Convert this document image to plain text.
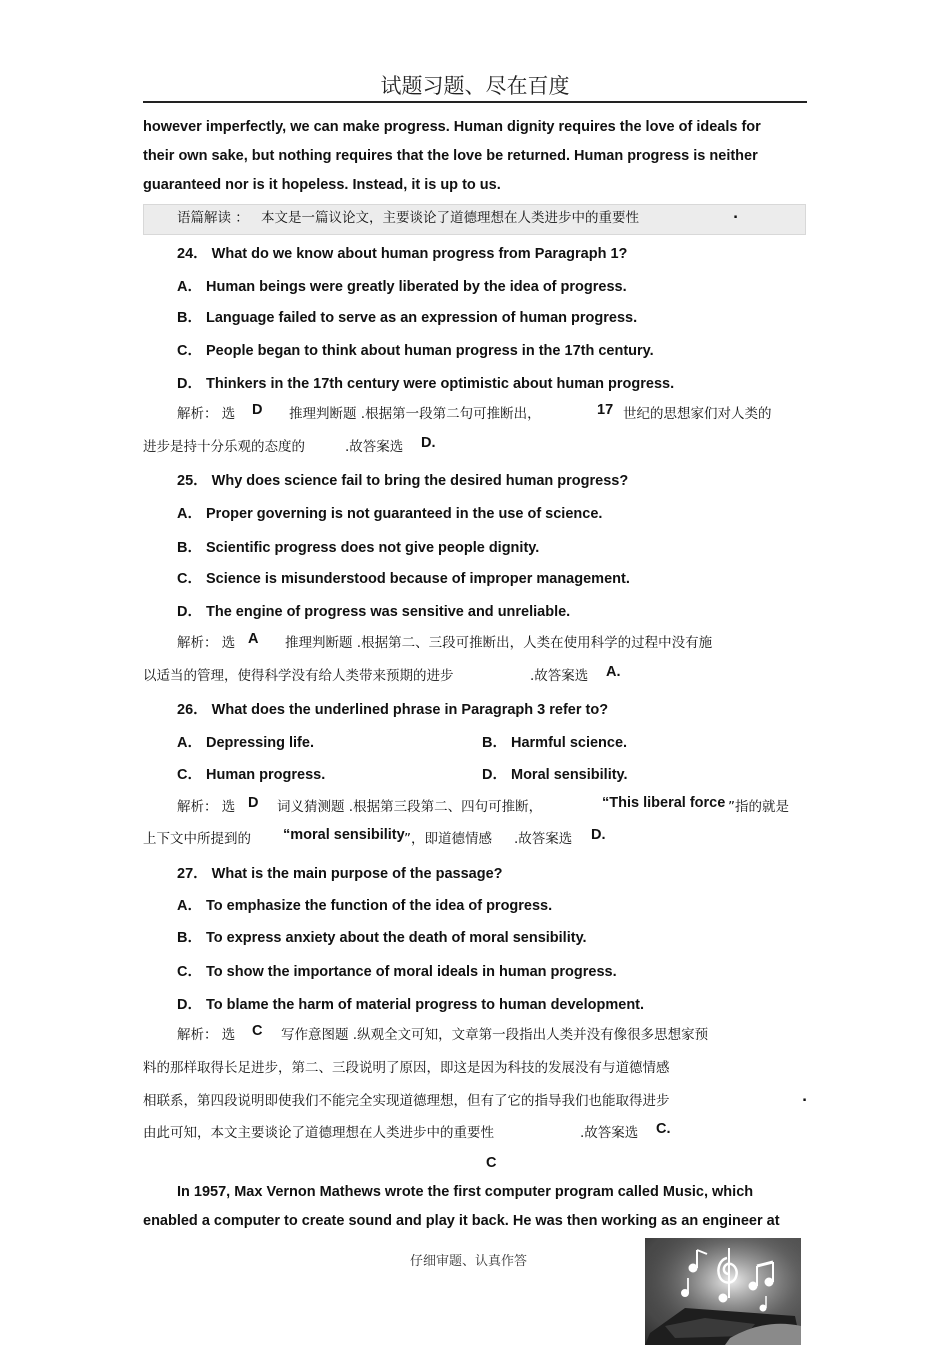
试题习题、尽在百度
however imperfectly, we can make progress. Human dignity requires the love of ideals for
their own sake, but nothing requires that the love be returned. Human progress is neither
guaranteed nor is it hopeless. Instead, it is up to us.
语篇解读 ： 本文是一篇议论文，主要谈论了道德理想在人类进步中的重要性	.
24． What do we know about human progress from Paragraph 1?
A． Human beings were greatly liberated by the idea of progress.
B． Language failed to serve as an expression of human progress.
C． People began to think about human progress in the 17th century.
D． Thinkers in the 17th century were optimistic about human progress.
解析： 选 D 推理判断题 .根据第一段第二句可推断出，	17 世纪的思想家们对人类的
进步是持十分乐观的态度的	.故答案选 D.
25． Why does science fail to bring the desired human progress?
A． Proper governing is not guaranteed in the use of science.
B． Scientific progress does not give people dignity.
C． Science is misunderstood because of improper management.
D． The engine of progress was sensitive and unreliable.
解析： 选 A 推理判断题 .根据第二、三段可推断出，人类在使用科学的过程中没有施
以适当的管理，使得科学没有给人类带来预期的进步	.故答案选 A.
26． What does the underlined phrase in Paragraph 3 refer to?
A． Depressing life.	B． Harmful science.
C． Human progress.	D． Moral sensibility.
解析： 选 D 词义猜测题 .根据第三段第二、四句可推断，	“This liberal force ”指的就是
上下文中所提到的 “moral sensibility ”，即道德情感 .故答案选 D.
27． What is the main purpose of the passage?
A． To emphasize the function of the idea of progress.
B． To express anxiety about the death of moral sensibility.
C． To show the importance of moral ideals in human progress.
D． To blame the harm of material progress to human development.
解析： 选 C 写作意图题 .纵观全文可知，文章第一段指出人类并没有像很多思想家预
料的那样取得长足进步，第二、三段说明了原因，即这是因为科技的发展没有与道德情感
相联系，第四段说明即使我们不能完全实现道德理想，但有了它的指导我们也能取得进步	.
由此可知，本文主要谈论了道德理想在人类进步中的重要性	.故答案选 C.
C
In 1957, Max Vernon Mathews wrote the first computer program called Music, which
enabled a computer to create sound and play it back. He was then working as an engineer at
仔细审题、认真作答
